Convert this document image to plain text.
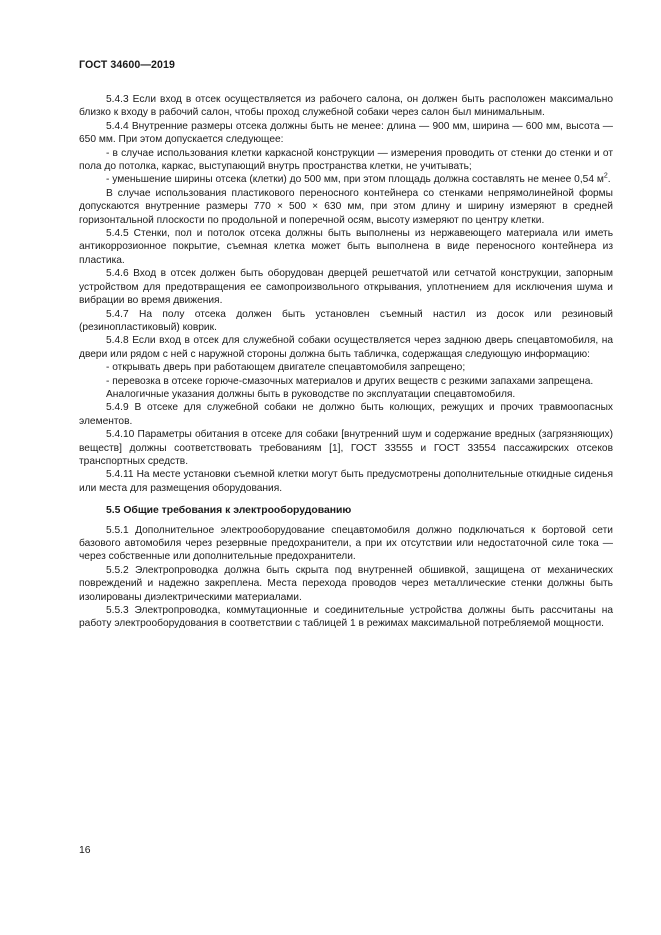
ГОСТ 34600—2019

5.4.3 Если вход в отсек осуществляется из рабочего салона, он должен быть расположен максимально близко к входу в рабочий салон, чтобы проход служебной собаки через салон был минимальным.

5.4.4 Внутренние размеры отсека должны быть не менее: длина — 900 мм, ширина — 600 мм, высота — 650 мм. При этом допускается следующее:

- в случае использования клетки каркасной конструкции — измерения проводить от стенки до стенки и от пола до потолка, каркас, выступающий внутрь пространства клетки, не учитывать;

- уменьшение ширины отсека (клетки) до 500 мм, при этом площадь должна составлять не менее 0,54 $м^2$.

В случае использования пластикового переносного контейнера со стенками непрямолинейной формы допускаются внутренние размеры 770 × 500 × 630 мм, при этом длину и ширину измеряют в средней горизонтальной плоскости по продольной и поперечной осям, высоту измеряют по центру клетки.

5.4.5 Стенки, пол и потолок отсека должны быть выполнены из нержавеющего материала или иметь антикоррозионное покрытие, съемная клетка может быть выполнена в виде переносного контейнера из пластика.

5.4.6 Вход в отсек должен быть оборудован дверцей решетчатой или сетчатой конструкции, запорным устройством для предотвращения ее самопроизвольного открывания, уплотнением для исключения шума и вибрации во время движения.

5.4.7 На полу отсека должен быть установлен съемный настил из досок или резиновый (резинопластиковый) коврик.

5.4.8 Если вход в отсек для служебной собаки осуществляется через заднюю дверь спецавтомобиля, на двери или рядом с ней с наружной стороны должна быть табличка, содержащая следующую информацию:

- открывать дверь при работающем двигателе спецавтомобиля запрещено;

- перевозка в отсеке горюче-смазочных материалов и других веществ с резкими запахами запрещена.

Аналогичные указания должны быть в руководстве по эксплуатации спецавтомобиля.

5.4.9 В отсеке для служебной собаки не должно быть колющих, режущих и прочих травмоопасных элементов.

5.4.10 Параметры обитания в отсеке для собаки [внутренний шум и содержание вредных (загрязняющих) веществ] должны соответствовать требованиям [1], ГОСТ 33555 и ГОСТ 33554 пассажирских отсеков транспортных средств.

5.4.11 На месте установки съемной клетки могут быть предусмотрены дополнительные откидные сиденья или места для размещения оборудования.

5.5 Общие требования к электрооборудованию

5.5.1 Дополнительное электрооборудование спецавтомобиля должно подключаться к бортовой сети базового автомобиля через резервные предохранители, а при их отсутствии или недостаточной силе тока — через собственные или дополнительные предохранители.

5.5.2 Электропроводка должна быть скрыта под внутренней обшивкой, защищена от механических повреждений и надежно закреплена. Места перехода проводов через металлические стенки должны быть изолированы диэлектрическими материалами.

5.5.3 Электропроводка, коммутационные и соединительные устройства должны быть рассчитаны на работу электрооборудования в соответствии с таблицей 1 в режимах максимальной потребляемой мощности.

16
